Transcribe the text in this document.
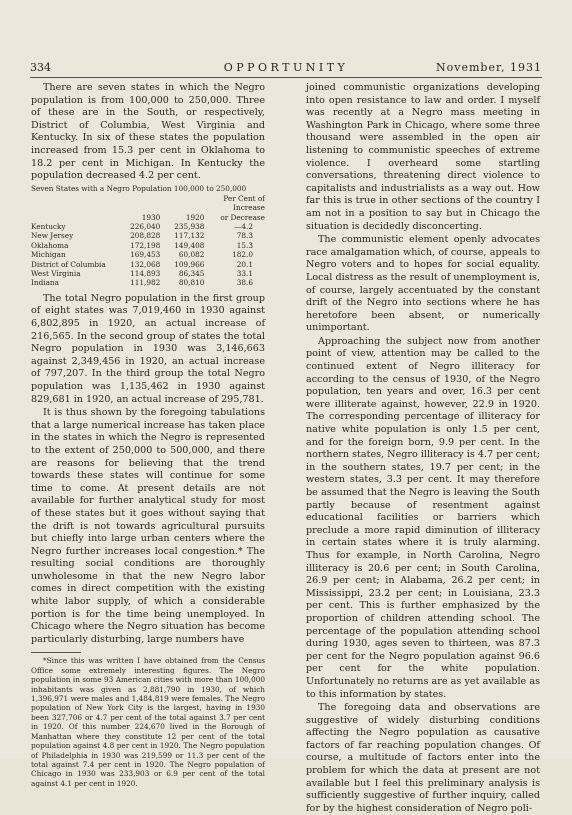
334	OPPORTUNITY	November, 1931

There are seven states in which the Negro population is from 100,000 to 250,000. Three of these are in the South, or respectively, District of Columbia, West Virginia and Kentucky. In six of these states the population increased from 15.3 per cent in Oklahoma to 18.2 per cent in Michigan. In Kentucky the population decreased 4.2 per cent.

Seven States with a Negro Population 100,000 to 250,000
			Per Cent of
			Increase
	1930	1920	or Decrease
Kentucky	226,040	235,938	—4.2
New Jersey	208,828	117,132	78.3
Oklahoma	172,198	149,408	15.3
Michigan	169,453	60,082	182.0
District of Columbia	132,068	109,966	20.1
West Virginia	114,893	86,345	33.1
Indiana	111,982	80,810	38.6

The total Negro population in the first group of eight states was 7,019,460 in 1930 against 6,802,895 in 1920, an actual increase of 216,565. In the second group of states the total Negro population in 1930 was 3,146,663 against 2,349,456 in 1920, an actual increase of 797,207. In the third group the total Negro population was 1,135,462 in 1930 against 829,681 in 1920, an actual increase of 295,781.

It is thus shown by the foregoing tabulations that a large numerical increase has taken place in the states in which the Negro is represented to the extent of 250,000 to 500,000, and there are reasons for believing that the trend towards these states will continue for some time to come. At present details are not available for further analytical study for most of these states but it goes without saying that the drift is not towards agricultural pursuits but chiefly into large urban centers where the Negro further increases local congestion.* The resulting social conditions are thoroughly unwholesome in that the new Negro labor comes in direct competition with the existing white labor supply, of which a considerable portion is for the time being unemployed. In Chicago where the Negro situation has become particularly disturbing, large numbers have

*Since this was written I have obtained from the Census Office some extremely interesting figures. The Negro population in some 93 American cities with more than 100,000 inhabitants was given as 2,881,790 in 1930, of which 1,396,971 were males and 1,484,819 were females. The Negro population of New York City is the largest, having in 1930 been 327,706 or 4.7 per cent of the total against 3.7 per cent in 1920. Of this number 224,670 lived in the Borough of Manhattan where they constitute 12 per cent of the total population against 4.8 per cent in 1920. The Negro population of Philadelphia in 1930 was 219,599 or 11.3 per cent of the total against 7.4 per cent in 1920. The Negro population of Chicago in 1930 was 233,903 or 6.9 per cent of the total against 4.1 per cent in 1920.

joined communistic organizations developing into open resistance to law and order. I myself was recently at a Negro mass meeting in Washington Park in Chicago, where some three thousand were assembled in the open air listening to communistic speeches of extreme violence. I overheard some startling conversations, threatening direct violence to capitalists and industrialists as a way out. How far this is true in other sections of the country I am not in a position to say but in Chicago the situation is decidedly disconcerting.

The communistic element openly advocates race amalgamation which, of course, appeals to Negro voters and to hopes for social equality. Local distress as the result of unemployment is, of course, largely accentuated by the constant drift of the Negro into sections where he has heretofore been absent, or numerically unimportant.

Approaching the subject now from another point of view, attention may be called to the continued extent of Negro illiteracy for according to the census of 1930, of the Negro population, ten years and over, 16.3 per cent were illiterate against, however, 22.9 in 1920. The corresponding percentage of illiteracy for native white population is only 1.5 per cent, and for the foreign born, 9.9 per cent. In the northern states, Negro illiteracy is 4.7 per cent; in the southern states, 19.7 per cent; in the western states, 3.3 per cent. It may therefore be assumed that the Negro is leaving the South partly because of resentment against educational facilities or barriers which preclude a more rapid diminution of illiteracy in certain states where it is truly alarming. Thus for example, in North Carolina, Negro illiteracy is 20.6 per cent; in South Carolina, 26.9 per cent; in Alabama, 26.2 per cent; in Mississippi, 23.2 per cent; in Louisiana, 23.3 per cent. This is further emphasized by the proportion of children attending school. The percentage of the population attending school during 1930, ages seven to thirteen, was 87.3 per cent for the Negro population against 96.6 per cent for the white population. Unfortunately no returns are as yet available as to this information by states.

The foregoing data and observations are suggestive of widely disturbing conditions affecting the Negro population as causative factors of far reaching population changes. Of course, a multitude of factors enter into the problem for which the data at present are not available but I feel this preliminary analysis is sufficiently suggestive of further inquiry, called for by the highest consideration of Negro poli-
